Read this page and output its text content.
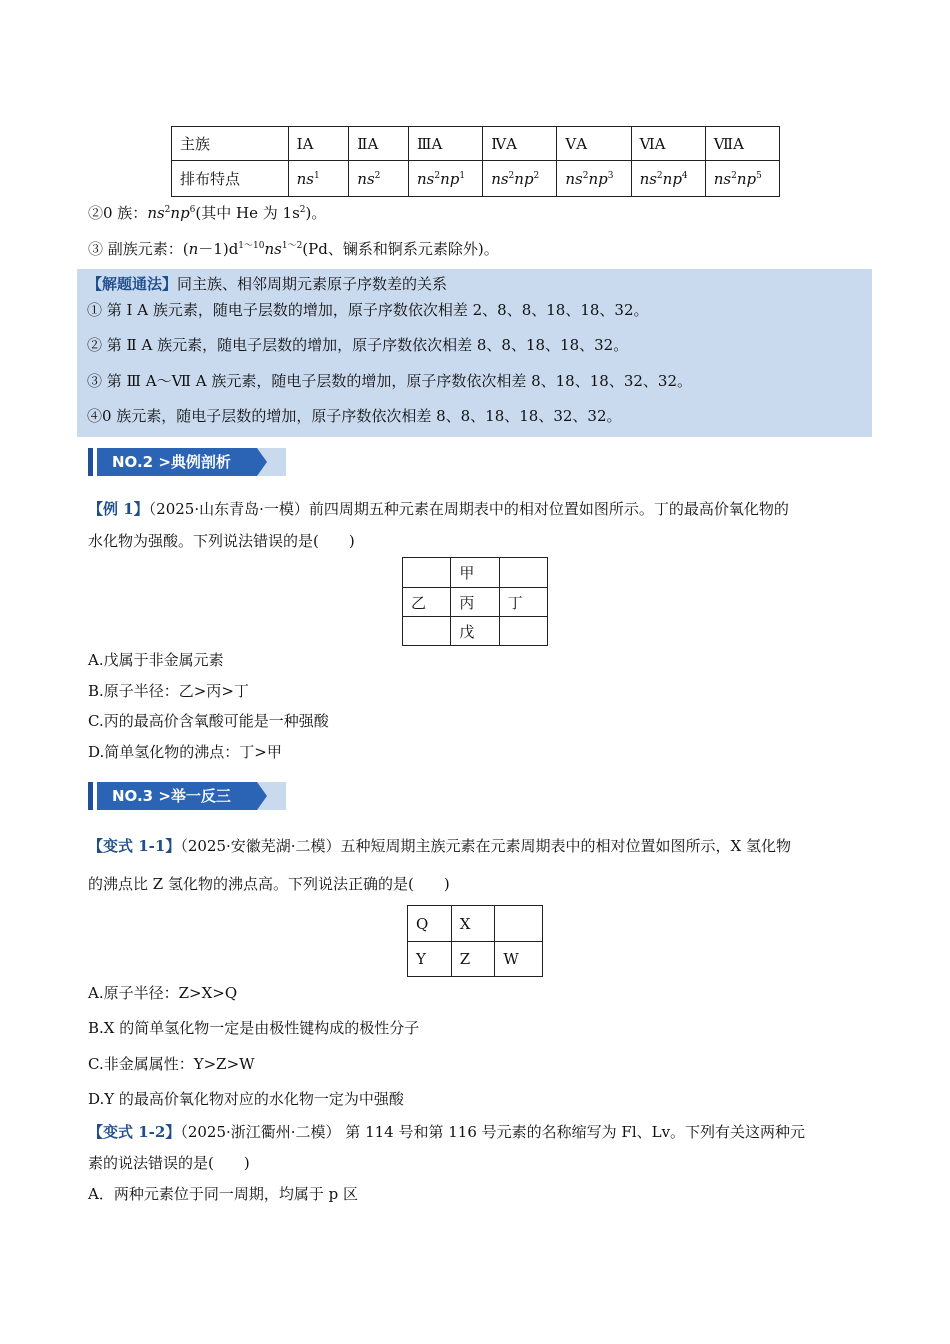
主族	ⅠA	ⅡA	ⅢA	ⅣA	ⅤA	ⅥA	ⅦA
排布特点	$ns^1$	$ns^2$	$ns^2np^1$	$ns^2np^2$	$ns^2np^3$	$ns^2np^4$	$ns^2np^5$
②0 族：$ns^2np^6$(其中 He 为 $1s^2$)。
③ 副族元素：$(n-1)d^{1\sim 10}ns^{1\sim 2}(Pd$、镧系和锕系元素除外)。
【解题通法】同主族、相邻周期元素原子序数差的关系
① 第 Ⅰ A 族元素，随电子层数的增加，原子序数依次相差 2、8、8、18、18、32。
② 第 Ⅱ A 族元素，随电子层数的增加，原子序数依次相差 8、8、18、18、32。
③ 第 Ⅲ A～Ⅶ A 族元素，随电子层数的增加，原子序数依次相差 8、18、18、32、32。
④0 族元素，随电子层数的增加，原子序数依次相差 8、8、18、18、32、32。
NO.2 >典例剖析
【例 1】（2025·山东青岛·一模）前四周期五种元素在周期表中的相对位置如图所示。丁的最高价氧化物的
水化物为强酸。下列说法错误的是(　　)
	甲	
乙	丙	丁
	戊	
A.戊属于非金属元素
B.原子半径：乙>丙>丁
C.丙的最高价含氧酸可能是一种强酸
D.简单氢化物的沸点：丁>甲
NO.3 >举一反三
【变式 1-1】（2025·安徽芜湖·二模）五种短周期主族元素在元素周期表中的相对位置如图所示，X 氢化物
的沸点比 Z 氢化物的沸点高。下列说法正确的是(　　)
Q	X	
Y	Z	W
A.原子半径：Z>X>Q
B.X 的简单氢化物一定是由极性键构成的极性分子
C.非金属属性：Y>Z>W
D.Y 的最高价氧化物对应的水化物一定为中强酸
【变式 1-2】（2025·浙江衢州·二模） 第 114 号和第 116 号元素的名称缩写为 Fl、Lv。下列有关这两种元
素的说法错误的是(　　)
A．两种元素位于同一周期，均属于 p 区
